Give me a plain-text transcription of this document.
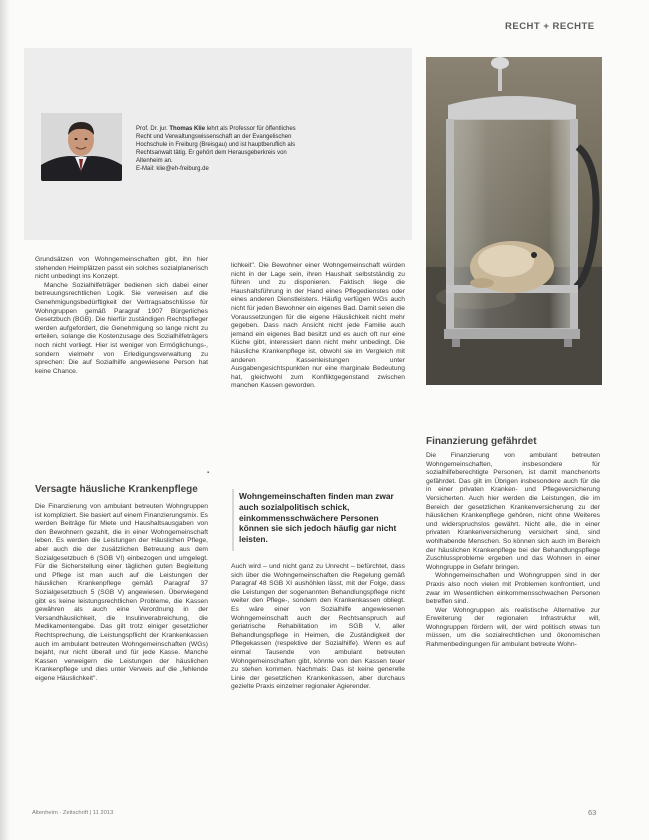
RECHT + RECHTE
Prof. Dr. jur. Thomas Klie lehrt als Professor für öffentliches Recht und Verwaltungswissenschaft an der Evangelischen Hochschule in Freiburg (Breisgau) und ist hauptberuflich als Rechtsanwalt tätig. Er gehört dem Herausgeberkreis von Altenheim an.
E-Mail: klie@eh-freiburg.de

Grundsätzen von Wohngemeinschaften gibt, ihn hier stehenden Heimplätzen passt ein solches sozialplanerisch nicht unbedingt ins Konzept.

Manche Sozialhilfeträger bedienen sich dabei einer betreuungsrechtlichen Logik. Sie verweisen auf die Genehmigungsbedürftigkeit der Vertragsabschlüsse für Wohngruppen gemäß Paragraf 1907 Bürgerliches Gesetzbuch (BGB). Die hierfür zuständigen Rechtspfleger werden aufgefordert, die Genehmigung so lange nicht zu erteilen, solange die Kostenzusage des Sozialhilfeträgers noch nicht vorliegt. Hier ist weniger von Ermöglichungs-, sondern vielmehr von Erledigungsverwaltung zu sprechen: Die auf Sozialhilfe angewiesene Person hat keine Chance.

▪
Versagte häusliche Krankenpflege

Die Finanzierung von ambulant betreuten Wohngruppen ist kompliziert. Sie basiert auf einem Finanzierungsmix. Es werden Beiträge für Miete und Haushaltsausgaben von den Bewohnern gezahlt, die in einer Wohngemeinschaft leben. Es werden die Leistungen der Häuslichen Pflege, aber auch die der zusätzlichen Betreuung aus dem Sozialgesetzbuch 6 (SGB VI) einbezogen und umgelegt. Für die Sicherstellung einer täglichen guten Begleitung und Pflege ist man auch auf die Leistungen der häuslichen Krankenpflege gemäß Paragraf 37 Sozialgesetzbuch 5 (SGB V) angewiesen. Überwiegend gibt es keine leistungsrechtlichen Probleme, die Kassen gewähren als auch eine Verordnung in der Versandhäuslichkeit, die Insulinverabreichung, die Medikamentengabe. Das gilt trotz einiger gesetzlicher Rechtsprechung, die Leistungspflicht der Krankenkassen auch im ambulant betreuten Wohngemeinschaften (WGs) bejaht, nur nicht überall und für jede Kasse. Manche Kassen verweigern die Leistungen der häuslichen Krankenpflege und dies unter Verweis auf die „fehlende eigene Häuslichkeit".

lichkeit". Die Bewohner einer Wohngemeinschaft würden nicht in der Lage sein, ihren Haushalt selbstständig zu führen und zu disponieren. Faktisch liege die Haushaltsführung in der Hand eines Pflegedienstes oder eines anderen Dienstleisters. Häufig verfügen WGs auch nicht für jeden Bewohner ein eigenes Bad. Damit seien die Voraussetzungen für die eigene Häuslichkeit nicht mehr gegeben. Dass nach Ansicht nicht jede Familie auch jemand ein eigenes Bad besitzt und es auch oft nur eine Küche gibt, interessiert dann nicht mehr unbedingt. Die häusliche Krankenpflege ist, obwohl sie im Vergleich mit anderen Kassenleistungen unter Ausgabengesichtspunkten nur eine marginale Bedeutung hat, gleichwohl zum Konfliktgegenstand zwischen manchen Kassen geworden.

Wohngemeinschaften finden man zwar auch sozialpolitisch schick, einkommensschwächere Personen können sie sich jedoch häufig gar nicht leisten.

Auch wird – und nicht ganz zu Unrecht – befürchtet, dass sich über die Wohngemeinschaften die Regelung gemäß Paragraf 48 SGB XI aushöhlen lässt, mit der Folge, dass die Leistungen der sogenannten Behandlungspflege nicht weiter den Pflege-, sondern den Krankenkassen obliegt. Es wäre einer von Sozialhilfe angewiesenen Wohngemeinschaft auch der Rechtsanspruch auf geriatrische Rehabilitation im SGB V, aller Behandlungspflege in Heimen, die Zuständigkeit der Pflegekassen (respektive der Sozialhilfe). Wenn es auf einmal Tausende von ambulant betreuten Wohngemeinschaften gibt, könnte von den Kassen teuer zu stehen kommen. Nachmals: Das ist keine generelle Linie der gesetzlichen Krankenkassen, aber durchaus gezielte Praxis einzelner regionaler Agierender.

Finanzierung gefährdet

Die Finanzierung von ambulant betreuten Wohngemeinschaften, insbesondere für sozialhilfeberechtigte Personen, ist damit manchenorts gefährdet. Das gilt im Übrigen insbesondere auch für die in einer privaten Kranken- und Pflegeversicherung Versicherten. Auch hier werden die Leistungen, die im Bereich der gesetzlichen Krankenversicherung zu der häuslichen Krankenpflege gehören, nicht ohne Weiteres und widerspruchslos gewährt. Nicht alle, die in einer privaten Krankenversicherung versichert sind, sind wohlhabende Menschen. So können sich auch im Bereich der häuslichen Krankenpflege bei der Behandlungspflege Zuschlussprobleme ergeben und das Wohnen in einer Wohngruppe in Gefahr bringen.

Wohngemeinschaften und Wohngruppen sind in der Praxis also noch vielen mit Problemen konfrontiert, und zwar im Wesentlichen einkommensschwachen Personen betreffen sind.

Wer Wohngruppen als realistische Alternative zur Erweiterung der regionalen Infrastruktur will, Wohngruppen fördern will, der wird politisch etwas tun müssen, um die sozialrechtlichen und ökonomischen Rahmenbedingungen für ambulant betreute Wohn-

Altenheim · Zeitschrift | 11 2013	63
